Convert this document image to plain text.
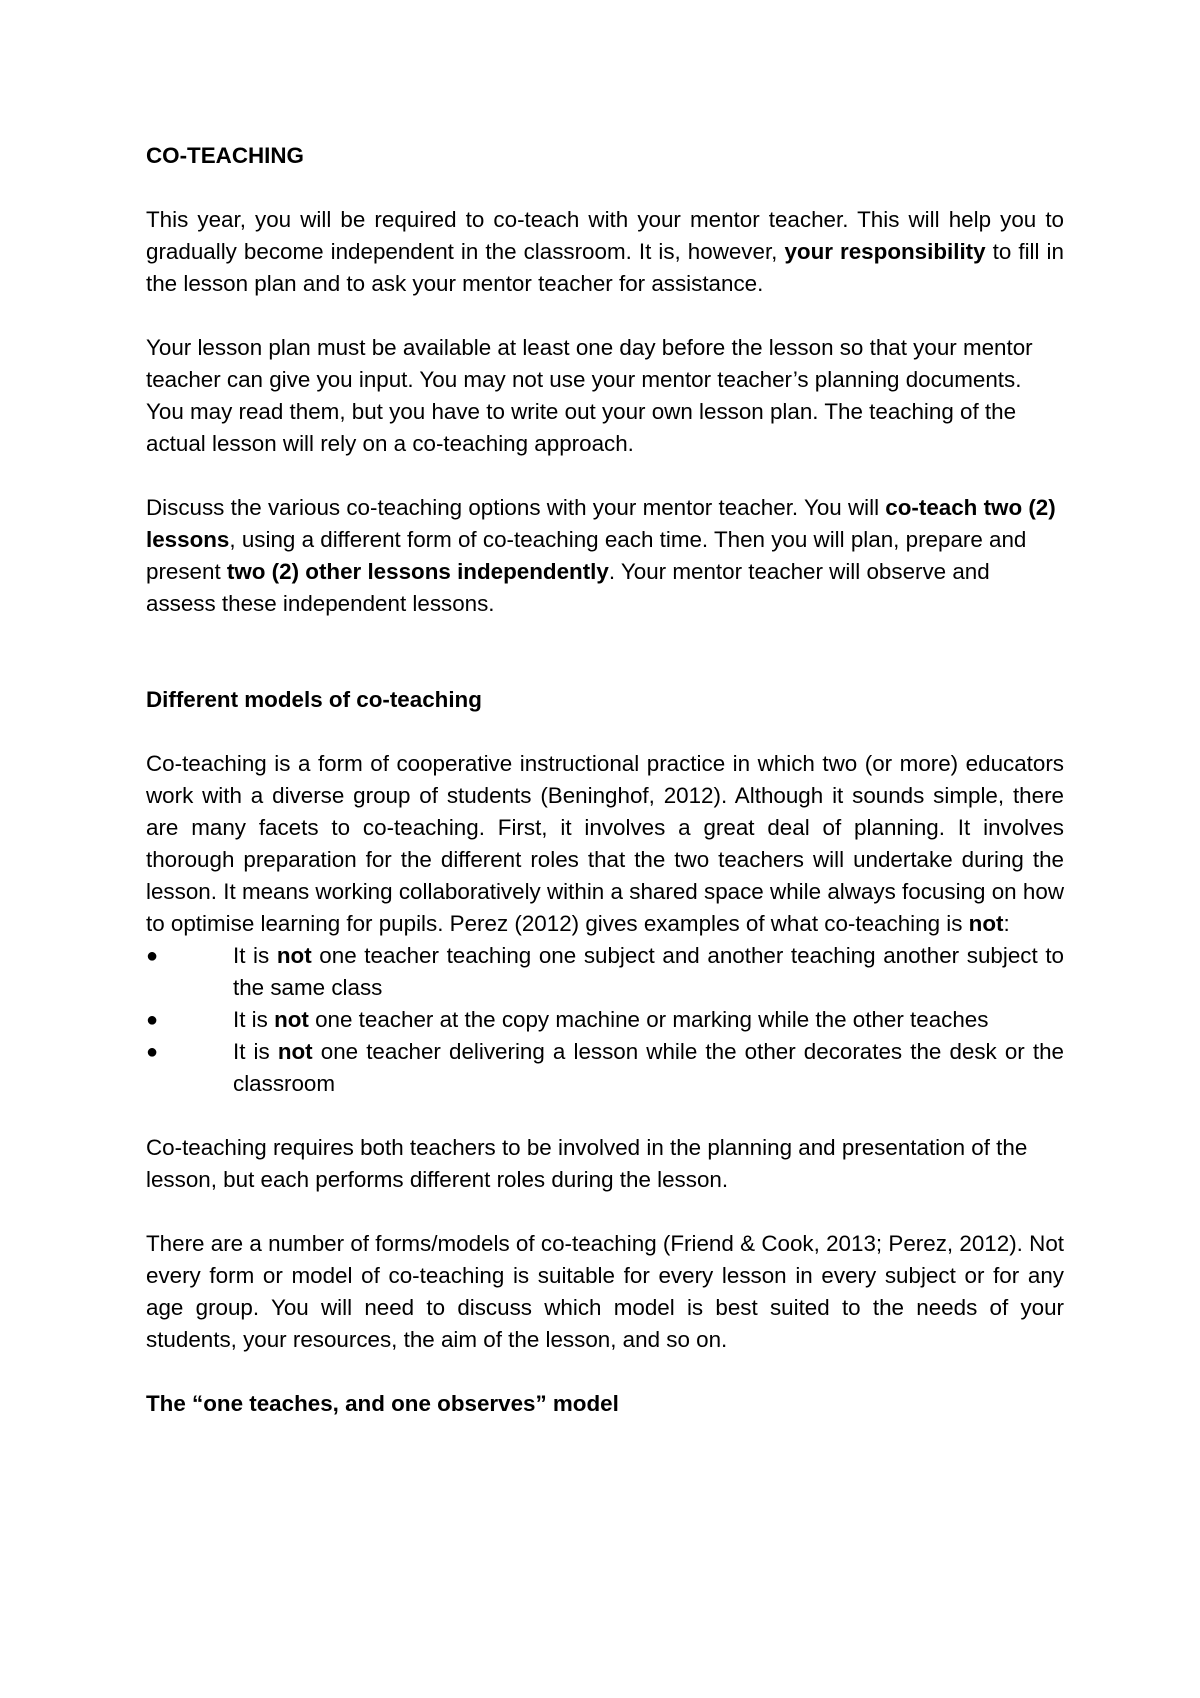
CO-TEACHING

This year, you will be required to co-teach with your mentor teacher. This will help you to gradually become independent in the classroom. It is, however, your responsibility to fill in the lesson plan and to ask your mentor teacher for assistance.

Your lesson plan must be available at least one day before the lesson so that your mentor teacher can give you input. You may not use your mentor teacher’s planning documents. You may read them, but you have to write out your own lesson plan. The teaching of the actual lesson will rely on a co-teaching approach.

Discuss the various co-teaching options with your mentor teacher. You will co-teach two (2) lessons, using a different form of co-teaching each time. Then you will plan, prepare and present two (2) other lessons independently. Your mentor teacher will observe and assess these independent lessons.

Different models of co-teaching

Co-teaching is a form of cooperative instructional practice in which two (or more) educators work with a diverse group of students (Beninghof, 2012). Although it sounds simple, there are many facets to co-teaching. First, it involves a great deal of planning. It involves thorough preparation for the different roles that the two teachers will undertake during the lesson. It means working collaboratively within a shared space while always focusing on how to optimise learning for pupils. Perez (2012) gives examples of what co-teaching is not:

●	It is not one teacher teaching one subject and another teaching another subject to the same class
●	It is not one teacher at the copy machine or marking while the other teaches
●	It is not one teacher delivering a lesson while the other decorates the desk or the classroom

Co-teaching requires both teachers to be involved in the planning and presentation of the lesson, but each performs different roles during the lesson.

There are a number of forms/models of co-teaching (Friend & Cook, 2013; Perez, 2012). Not every form or model of co-teaching is suitable for every lesson in every subject or for any age group. You will need to discuss which model is best suited to the needs of your students, your resources, the aim of the lesson, and so on.

The “one teaches, and one observes” model
